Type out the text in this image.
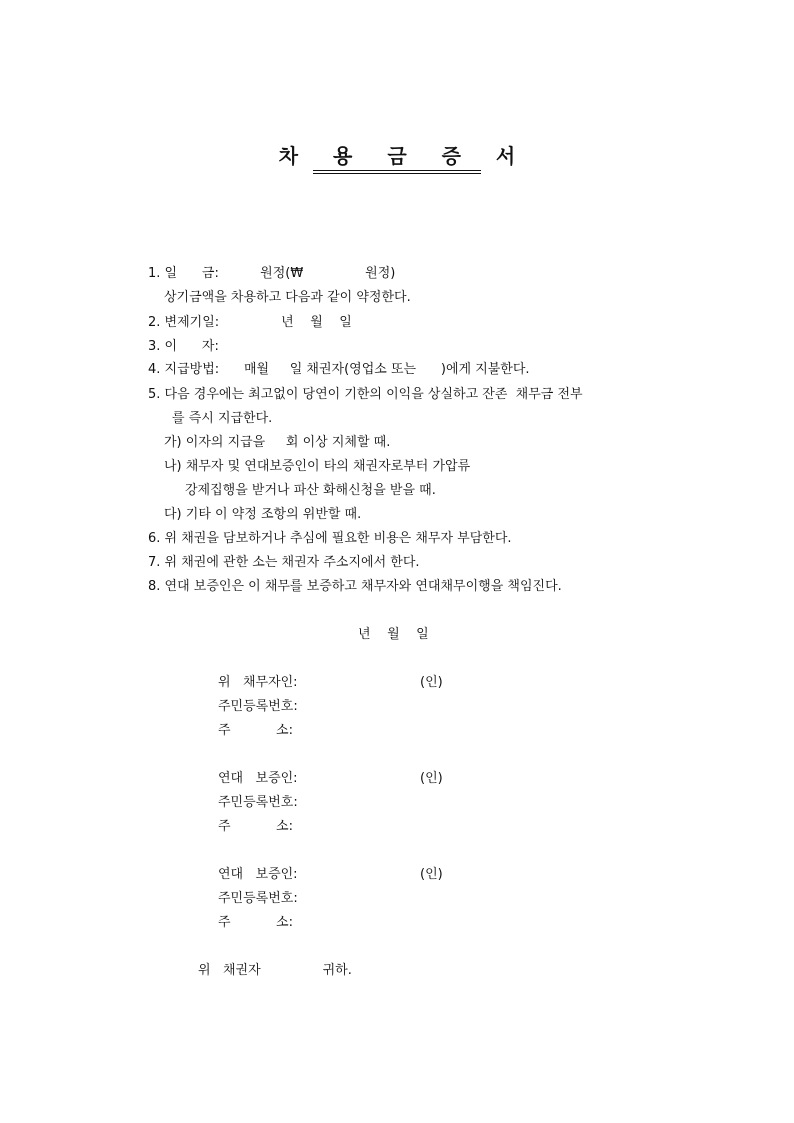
차 용 금 증 서
1. 일      금:          원정(₩               원정)
상기금액을 차용하고 다음과 같이 약정한다.
2. 변제기일:               년    월    일
3. 이      자:
4. 지급방법:      매월     일 채권자(영업소 또는      )에게 지불한다.
5. 다음 경우에는 최고없이 당연이 기한의 이익을 상실하고 잔존  채무금 전부
를 즉시 지급한다.
가) 이자의 지급을     회 이상 지체할 때.
나) 채무자 및 연대보증인이 타의 채권자로부터 가압류
강제집행을 받거나 파산 화해신청을 받을 때.
다) 기타 이 약정 조항의 위반할 때.
6. 위 채권을 담보하거나 추심에 필요한 비용은 채무자 부담한다.
7. 위 채권에 관한 소는 채권자 주소지에서 한다.
8. 연대 보증인은 이 채무를 보증하고 채무자와 연대채무이행을 책임진다.
년    월    일
위   채무자인:	(인)
주민등록번호:
주           소:
연대   보증인:	(인)
주민등록번호:
주           소:
연대   보증인:	(인)
주민등록번호:
주           소:
위   채권자               귀하.
